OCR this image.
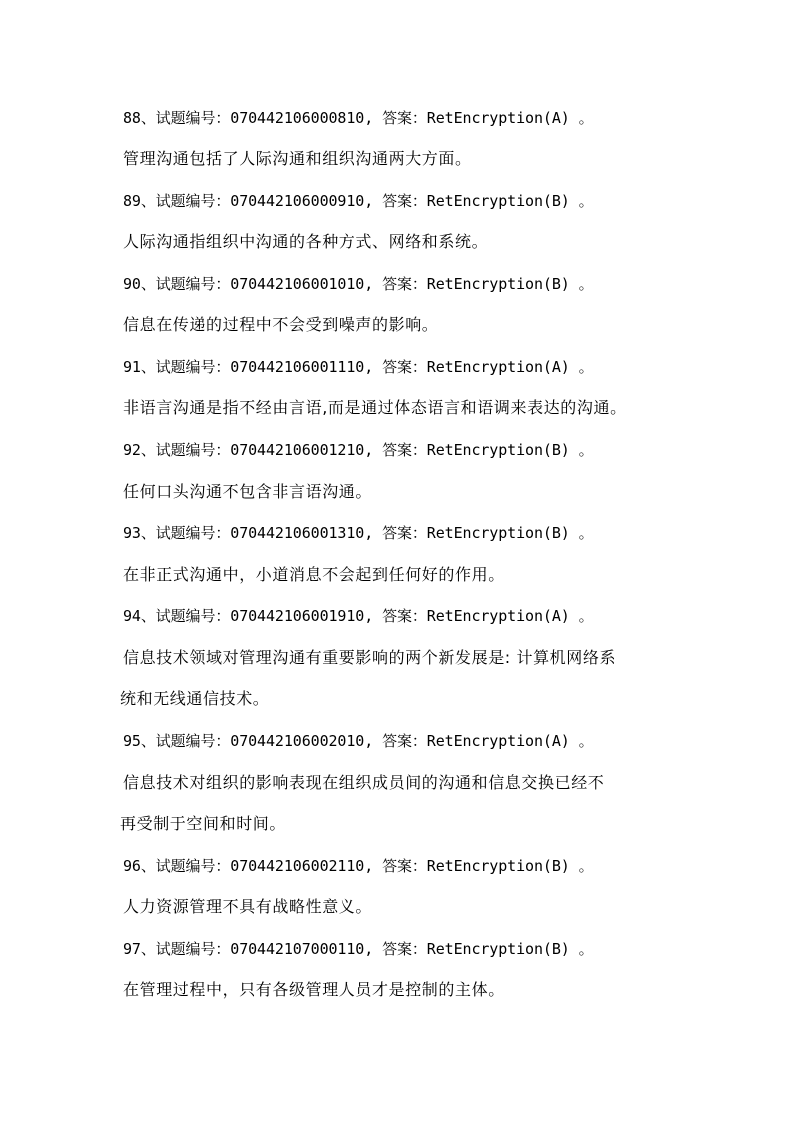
88、试题编号：070442106000810, 答案：RetEncryption(A) 。
管理沟通包括了人际沟通和组织沟通两大方面。
89、试题编号：070442106000910, 答案：RetEncryption(B) 。
人际沟通指组织中沟通的各种方式、网络和系统。
90、试题编号：070442106001010, 答案：RetEncryption(B) 。
信息在传递的过程中不会受到噪声的影响。
91、试题编号：070442106001110, 答案：RetEncryption(A) 。
非语言沟通是指不经由言语,而是通过体态语言和语调来表达的沟通。
92、试题编号：070442106001210, 答案：RetEncryption(B) 。
任何口头沟通不包含非言语沟通。
93、试题编号：070442106001310, 答案：RetEncryption(B) 。
在非正式沟通中，小道消息不会起到任何好的作用。
94、试题编号：070442106001910, 答案：RetEncryption(A) 。
信息技术领域对管理沟通有重要影响的两个新发展是: 计算机网络系
统和无线通信技术。
95、试题编号：070442106002010, 答案：RetEncryption(A) 。
信息技术对组织的影响表现在组织成员间的沟通和信息交换已经不
再受制于空间和时间。
96、试题编号：070442106002110, 答案：RetEncryption(B) 。
人力资源管理不具有战略性意义。
97、试题编号：070442107000110, 答案：RetEncryption(B) 。
在管理过程中，只有各级管理人员才是控制的主体。
